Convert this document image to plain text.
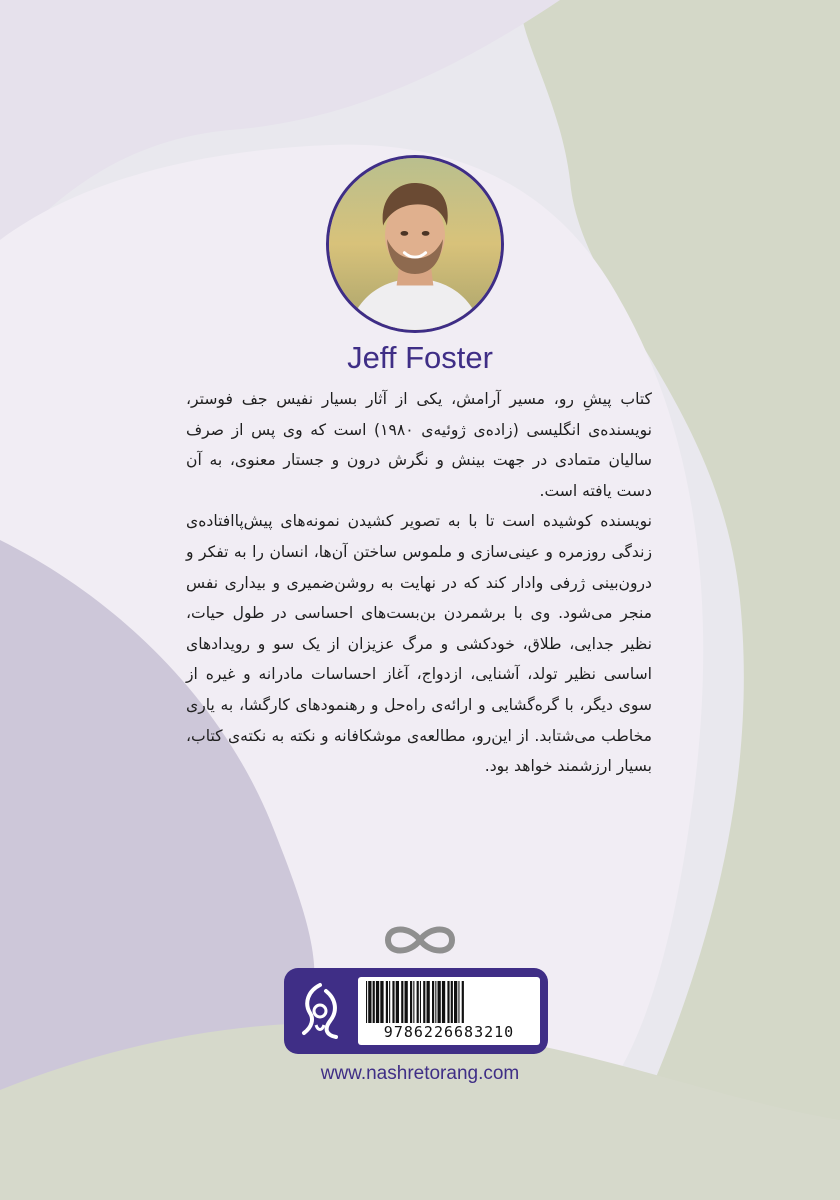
Jeff Foster

کتاب پیشِ رو، مسیر آرامش، یکی از آثار بسیار نفیس جف فوستر، نویسنده‌ی انگلیسی (زاده‌ی ژوئیه‌ی ۱۹۸۰) است که وی پس از صرف سالیان متمادی در جهت بینش و نگرش درون و جستار معنوی، به آن دست یافته است.

نویسنده کوشیده است تا با به تصویر کشیدن نمونه‌های پیش‌پاافتاده‌ی زندگی روزمره و عینی‌سازی و ملموس ساختن آن‌ها، انسان را به تفکر و درون‌بینی ژرفی وادار کند که در نهایت به روشن‌ضمیری و بیداری نفس منجر می‌شود. وی با برشمردن بن‌بست‌های احساسی در طول حیات، نظیر جدایی، طلاق، خودکشی و مرگ عزیزان از یک سو و رویدادهای اساسی نظیر تولد، آشنایی، ازدواج، آغاز احساسات مادرانه و غیره از سوی دیگر، با گره‌گشایی و ارائه‌ی راه‌حل و رهنمودهای کارگشا، به یاری مخاطب می‌شتابد. از این‌رو، مطالعه‌ی موشکافانه و نکته به نکته‌ی کتاب، بسیار ارزشمند خواهد بود.

9786226683210
www.nashretorang.com
